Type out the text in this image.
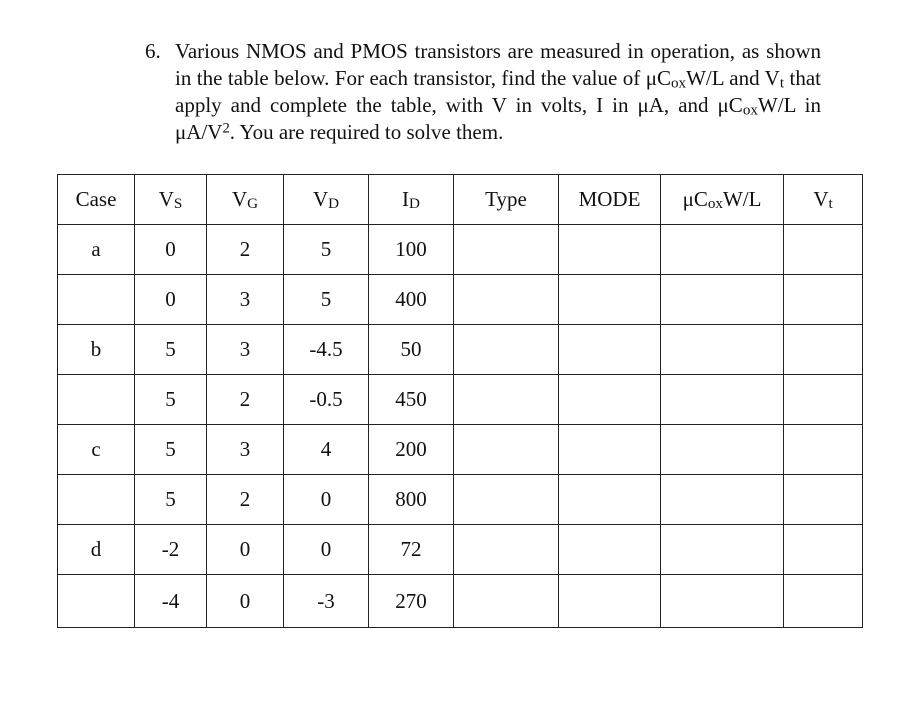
6. Various NMOS and PMOS transistors are measured in operation, as shown in the table below. For each transistor, find the value of μCoxW/L and Vt that apply and complete the table, with V in volts, I in μA, and μCoxW/L in $\mu A/V^2$. You are required to solve them.
Case	VS	VG	VD	ID	Type	MODE	μCoxW/L	Vt
a	0	2	5	100				
	0	3	5	400				
b	5	3	-4.5	50				
	5	2	-0.5	450				
c	5	3	4	200				
	5	2	0	800				
d	-2	0	0	72				
	-4	0	-3	270				
